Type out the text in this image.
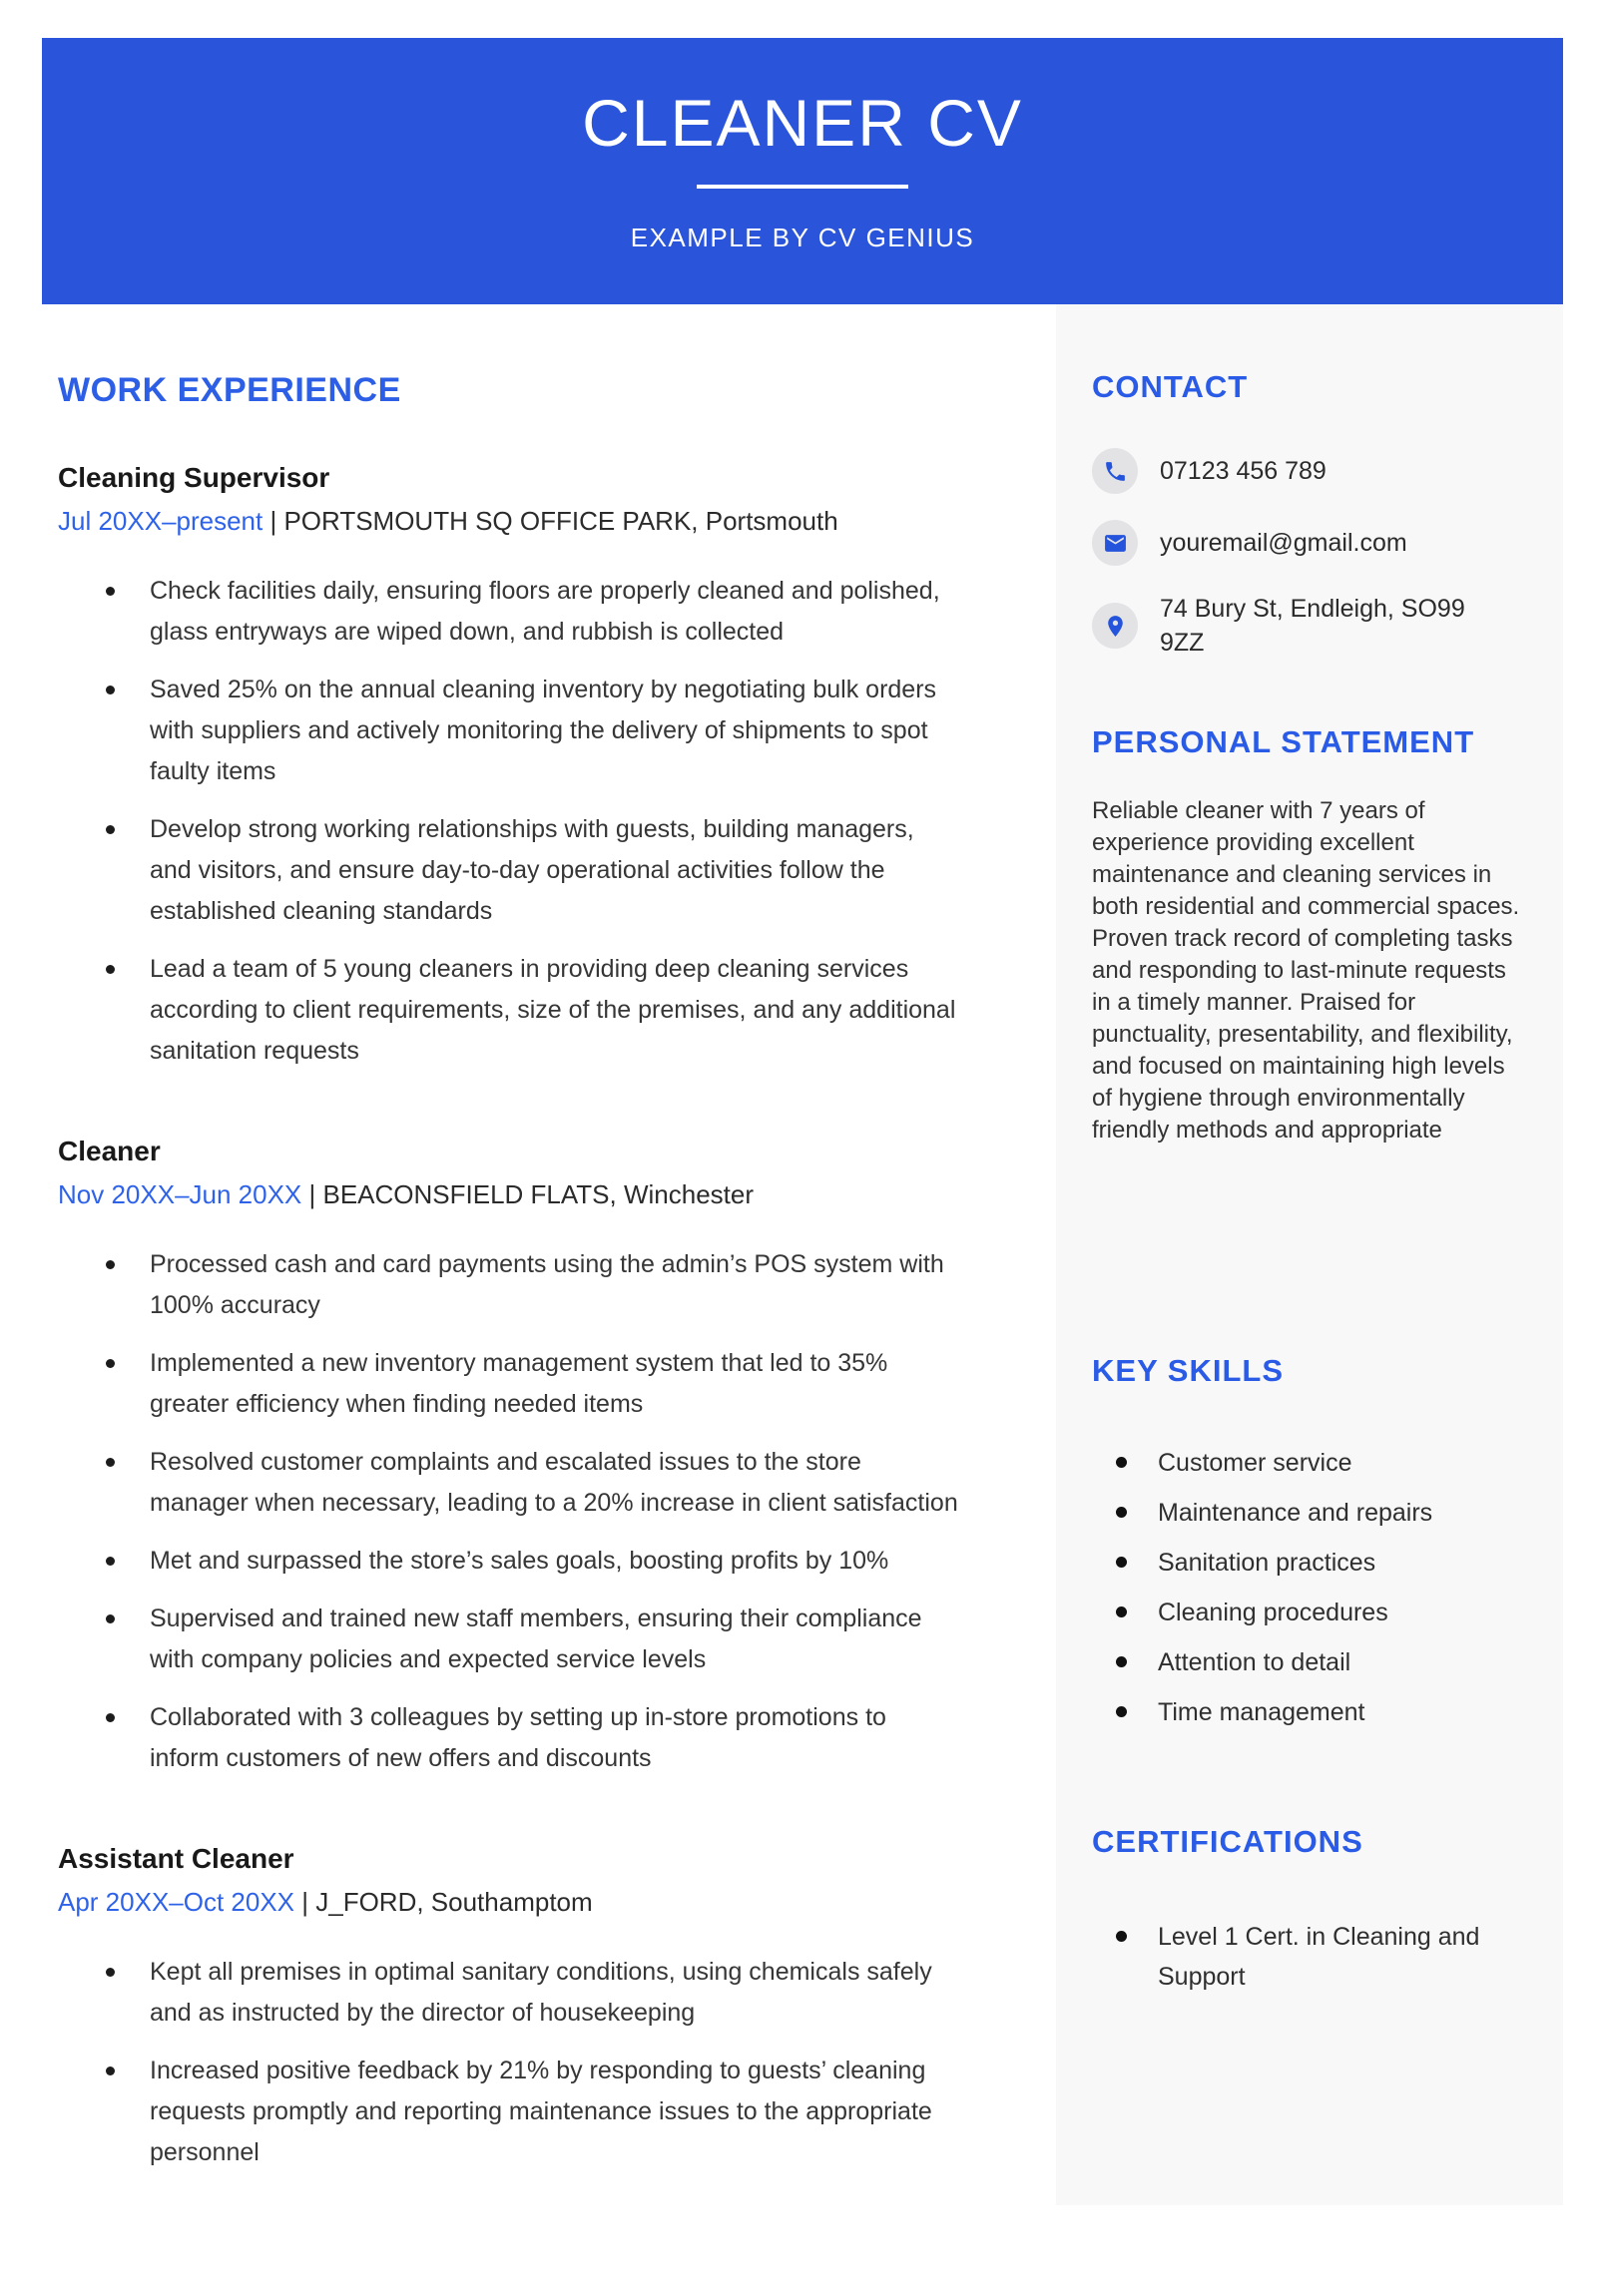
CLEANER CV
EXAMPLE BY CV GENIUS
WORK EXPERIENCE
Cleaning Supervisor

Jul 20XX–present | PORTSMOUTH SQ OFFICE PARK, Portsmouth

Check facilities daily, ensuring floors are properly cleaned and polished, glass entryways are wiped down, and rubbish is collected
Saved 25% on the annual cleaning inventory by negotiating bulk orders with suppliers and actively monitoring the delivery of shipments to spot faulty items
Develop strong working relationships with guests, building managers, and visitors, and ensure day-to-day operational activities follow the established cleaning standards
Lead a team of 5 young cleaners in providing deep cleaning services according to client requirements, size of the premises, and any additional sanitation requests
Cleaner

Nov 20XX–Jun 20XX | BEACONSFIELD FLATS, Winchester

Processed cash and card payments using the admin’s POS system with 100% accuracy
Implemented a new inventory management system that led to 35% greater efficiency when finding needed items
Resolved customer complaints and escalated issues to the store manager when necessary, leading to a 20% increase in client satisfaction
Met and surpassed the store’s sales goals, boosting profits by 10%
Supervised and trained new staff members, ensuring their compliance with company policies and expected service levels
Collaborated with 3 colleagues by setting up in-store promotions to inform customers of new offers and discounts
Assistant Cleaner

Apr 20XX–Oct 20XX | J_FORD, Southamptom

Kept all premises in optimal sanitary conditions, using chemicals safely and as instructed by the director of housekeeping
Increased positive feedback by 21% by responding to guests’ cleaning requests promptly and reporting maintenance issues to the appropriate personnel
CONTACT
07123 456 789
youremail@gmail.com
74 Bury St, Endleigh, SO99 9ZZ
PERSONAL STATEMENT

Reliable cleaner with 7 years of experience providing excellent maintenance and cleaning services in both residential and commercial spaces. Proven track record of completing tasks and responding to last-minute requests in a timely manner. Praised for punctuality, presentability, and flexibility, and focused on maintaining high levels of hygiene through environmentally friendly methods and appropriate

KEY SKILLS
Customer service
Maintenance and repairs
Sanitation practices
Cleaning procedures
Attention to detail
Time management
CERTIFICATIONS
Level 1 Cert. in Cleaning and Support
